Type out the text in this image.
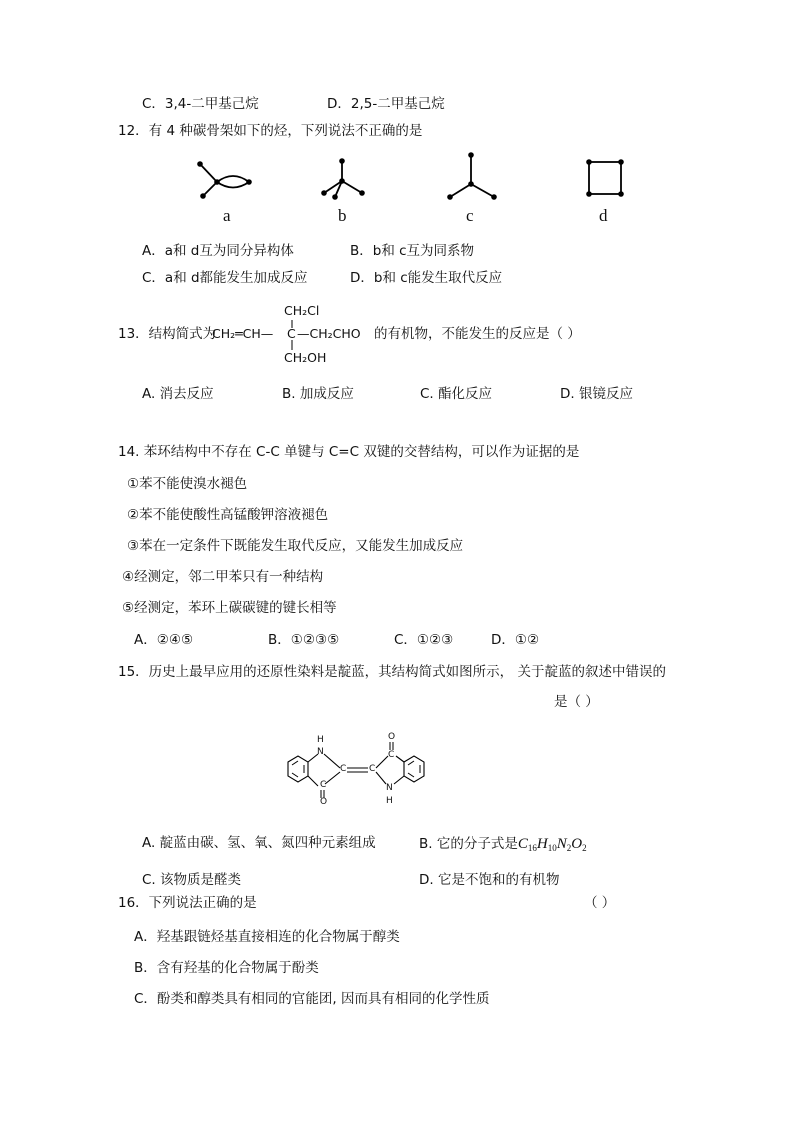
C．3,4-二甲基己烷	D．2,5-二甲基己烷
12．有 4 种碳骨架如下的烃，下列说法不正确的是
a	b	c	d
A．a和 d互为同分异构体	B．b和 c互为同系物
C．a和 d都能发生加成反应	D．b和 c能发生取代反应
13．结构简式为
CH₂Cl
CH₂═CH— C —CH₂CHO
CH₂OH
的有机物，不能发生的反应是（ ）
A. 消去反应	B. 加成反应	C. 酯化反应	D. 银镜反应
14. 苯环结构中不存在 C-C 单键与 C=C 双键的交替结构，可以作为证据的是
①苯不能使溴水褪色
②苯不能使酸性高锰酸钾溶液褪色
③苯在一定条件下既能发生取代反应，又能发生加成反应
④经测定，邻二甲苯只有一种结构
⑤经测定，苯环上碳碳键的键长相等
A．②④⑤	B．①②③⑤	C．①②③	D．①②
15．历史上最早应用的还原性染料是靛蓝，其结构简式如图所示， 关于靛蓝的叙述中错误的
是（ ）
H
N
C	C
O
C
C
O
N
H
A. 靛蓝由碳、氢、氧、氮四种元素组成	B. 它的分子式是$C_{16}H_{10}N_2O_2$
C. 该物质是醛类	D. 它是不饱和的有机物
16．下列说法正确的是	（ ）
A．羟基跟链烃基直接相连的化合物属于醇类
B．含有羟基的化合物属于酚类
C．酚类和醇类具有相同的官能团, 因而具有相同的化学性质
